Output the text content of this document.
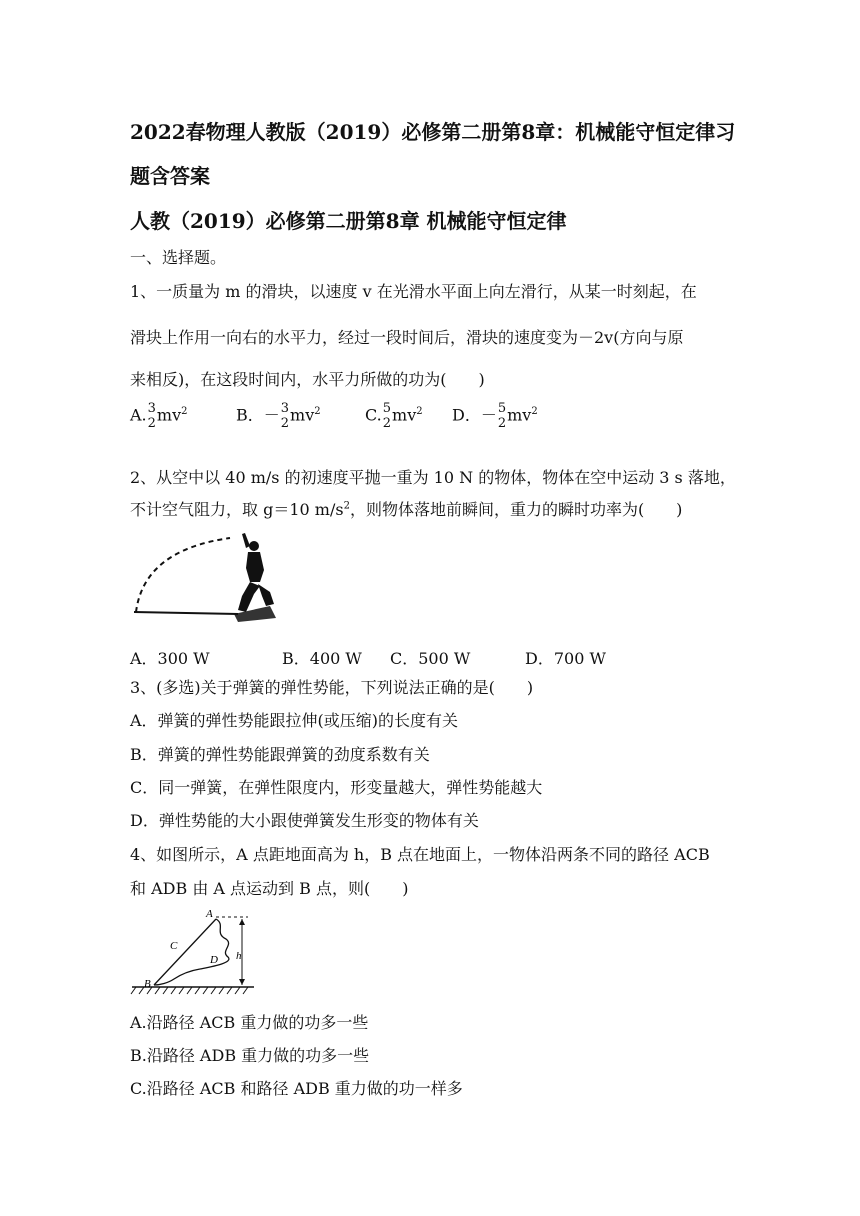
2022春物理人教版（2019）必修第二册第8章：机械能守恒定律习
题含答案
人教（2019）必修第二册第8章 机械能守恒定律
一、选择题。
1、一质量为 m 的滑块，以速度 v 在光滑水平面上向左滑行，从某一时刻起，在
滑块上作用一向右的水平力，经过一段时间后，滑块的速度变为－2v(方向与原
来相反)，在这段时间内，水平力所做的功为(　　)
A. 3
2 $mv^2$	B．－ 3
2 $mv^2$	C. 5
2 $mv^2$ D．－ 5
2 $mv^2$
2、从空中以 40 m/s 的初速度平抛一重为 10 N 的物体，物体在空中运动 3 s 落地，
不计空气阻力，取 g＝10 $m/s^2$，则物体落地前瞬间，重力的瞬时功率为(　　)
A．300 W	B．400 W C．500 W	D．700 W
3、(多选)关于弹簧的弹性势能，下列说法正确的是(　　)
A．弹簧的弹性势能跟拉伸(或压缩)的长度有关
B．弹簧的弹性势能跟弹簧的劲度系数有关
C．同一弹簧，在弹性限度内，形变量越大，弹性势能越大
D．弹性势能的大小跟使弹簧发生形变的物体有关
4、如图所示，A 点距地面高为 h，B 点在地面上，一物体沿两条不同的路径 ACB
和 ADB 由 A 点运动到 B 点，则(　　)
A
B
C
D h
A.沿路径 ACB 重力做的功多一些
B.沿路径 ADB 重力做的功多一些
C.沿路径 ACB 和路径 ADB 重力做的功一样多
